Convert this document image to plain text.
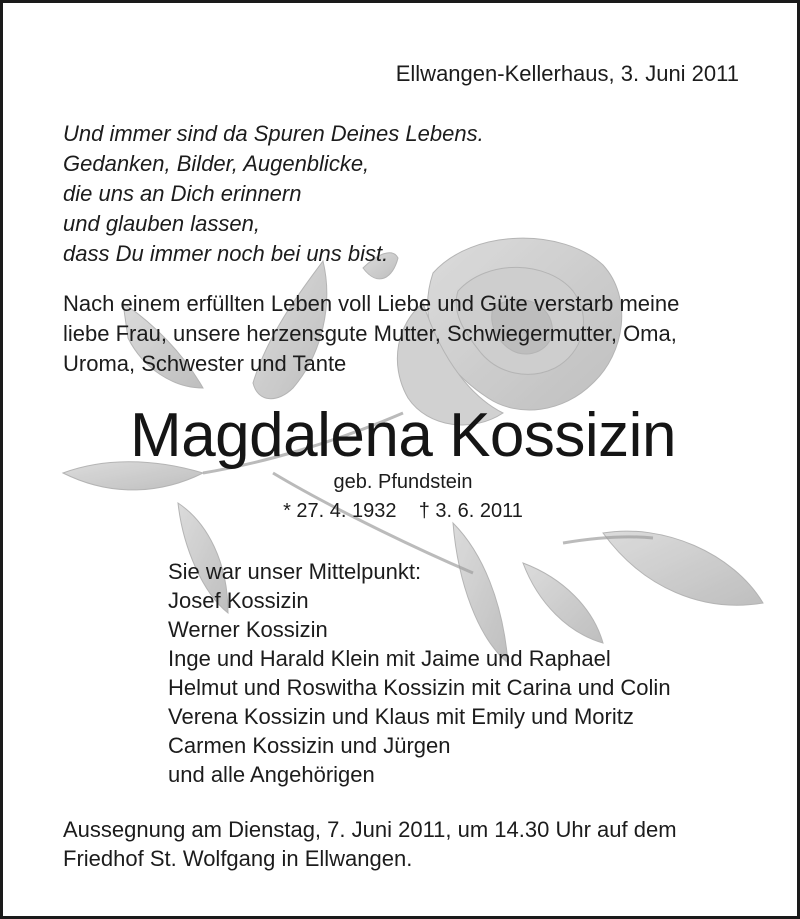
Ellwangen-Kellerhaus, 3. Juni 2011
Und immer sind da Spuren Deines Lebens.
Gedanken, Bilder, Augenblicke,
die uns an Dich erinnern
und glauben lassen,
dass Du immer noch bei uns bist.
Nach einem erfüllten Leben voll Liebe und Güte verstarb meine
liebe Frau, unsere herzensgute Mutter, Schwiegermutter, Oma,
Uroma, Schwester und Tante
Magdalena Kossizin
geb. Pfundstein
* 27. 4. 1932    † 3. 6. 2011
Sie war unser Mittelpunkt:
Josef Kossizin
Werner Kossizin
Inge und Harald Klein mit Jaime und Raphael
Helmut und Roswitha Kossizin mit Carina und Colin
Verena Kossizin und Klaus mit Emily und Moritz
Carmen Kossizin und Jürgen
und alle Angehörigen
Aussegnung am Dienstag, 7. Juni 2011, um 14.30 Uhr auf dem
Friedhof St. Wolfgang in Ellwangen.
